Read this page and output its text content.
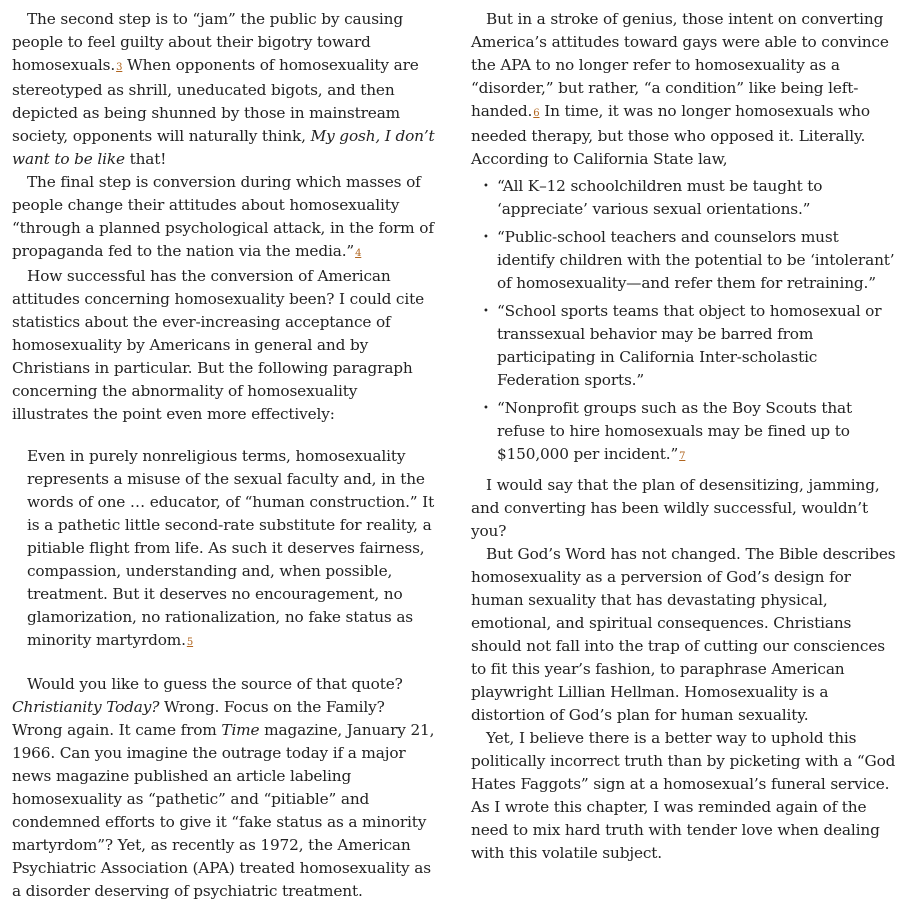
The second step is to “jam” the public by causing people to feel guilty about their bigotry toward homosexuals.3 When opponents of homosexuality are stereotyped as shrill, uneducated bigots, and then depicted as being shunned by those in mainstream society, opponents will naturally think, My gosh, I don’t want to be like that!

The final step is conversion during which masses of people change their attitudes about homosexuality “through a planned psychological attack, in the form of propaganda fed to the nation via the media.”4

How successful has the conversion of American attitudes concerning homosexuality been? I could cite statistics about the ever-increasing acceptance of homosexuality by Americans in general and by Christians in particular. But the following paragraph concerning the abnormality of homosexuality illustrates the point even more effectively:

Even in purely nonreligious terms, homosexuality represents a misuse of the sexual faculty and, in the words of one … educator, of “human construction.” It is a pathetic little second-rate substitute for reality, a pitiable flight from life. As such it deserves fairness, compassion, understanding and, when possible, treatment. But it deserves no encouragement, no glamorization, no rationalization, no fake status as minority martyrdom.5

Would you like to guess the source of that quote? Christianity Today? Wrong. Focus on the Family? Wrong again. It came from Time magazine, January 21, 1966. Can you imagine the outrage today if a major news magazine published an article labeling homosexuality as “pathetic” and “pitiable” and condemned efforts to give it “fake status as a minority martyrdom”? Yet, as recently as 1972, the American Psychiatric Association (APA) treated homosexuality as a disorder deserving of psychiatric treatment.

But in a stroke of genius, those intent on converting America’s attitudes toward gays were able to convince the APA to no longer refer to homosexuality as a “disorder,” but rather, “a condition” like being left-handed.6 In time, it was no longer homosexuals who needed therapy, but those who opposed it. Literally. According to California State law,

• “All K–12 schoolchildren must be taught to ‘appreciate’ various sexual orientations.”
• “Public-school teachers and counselors must identify children with the potential to be ‘intolerant’ of homosexuality—and refer them for retraining.”
• “School sports teams that object to homosexual or transsexual behavior may be barred from participating in California Inter-scholastic Federation sports.”
• “Nonprofit groups such as the Boy Scouts that refuse to hire homosexuals may be fined up to $150,000 per incident.”7

I would say that the plan of desensitizing, jamming, and converting has been wildly successful, wouldn’t you?

But God’s Word has not changed. The Bible describes homosexuality as a perversion of God’s design for human sexuality that has devastating physical, emotional, and spiritual consequences. Christians should not fall into the trap of cutting our consciences to fit this year’s fashion, to paraphrase American playwright Lillian Hellman. Homosexuality is a distortion of God’s plan for human sexuality.

Yet, I believe there is a better way to uphold this politically incorrect truth than by picketing with a “God Hates Faggots” sign at a homosexual’s funeral service. As I wrote this chapter, I was reminded again of the need to mix hard truth with tender love when dealing with this volatile subject.
